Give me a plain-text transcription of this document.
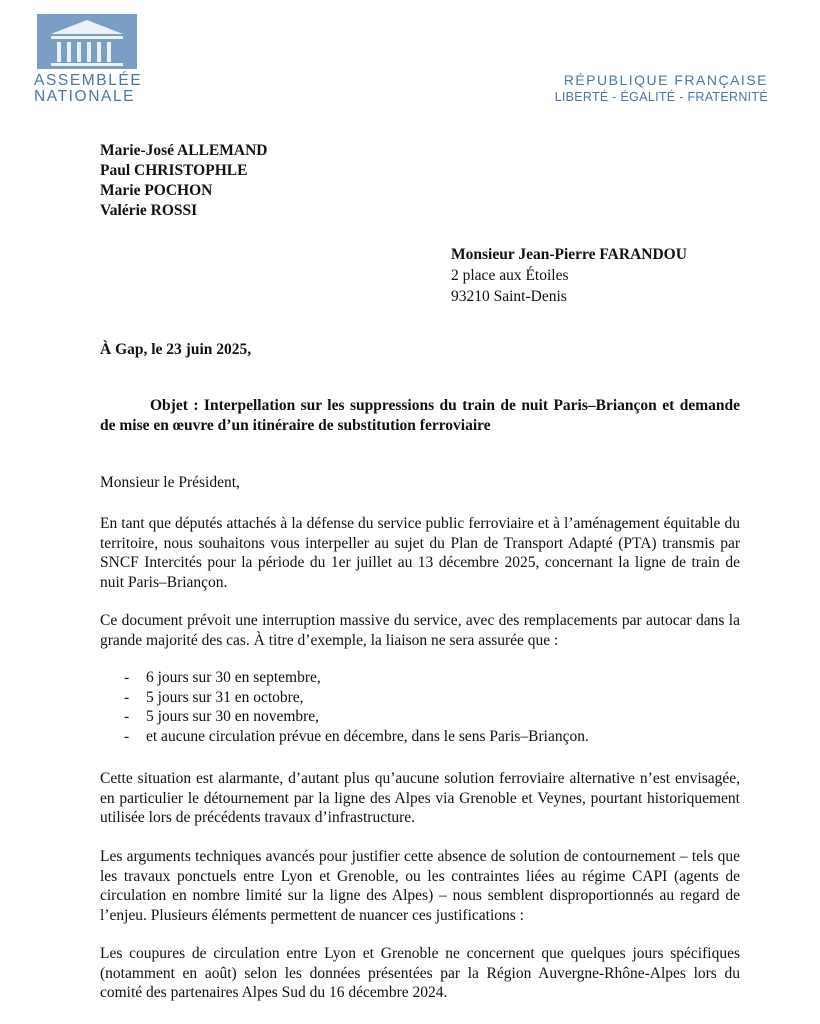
ASSEMBLÉE
NATIONALE
RÉPUBLIQUE FRANÇAISE
LIBERTÉ - ÉGALITÉ - FRATERNITÉ
Marie-José ALLEMAND
Paul CHRISTOPHLE
Marie POCHON
Valérie ROSSI
Monsieur Jean-Pierre FARANDOU
2 place aux Étoiles
93210 Saint-Denis
À Gap, le 23 juin 2025,
Objet : Interpellation sur les suppressions du train de nuit Paris–Briançon et demande de mise en œuvre d’un itinéraire de substitution ferroviaire
Monsieur le Président,

En tant que députés attachés à la défense du service public ferroviaire et à l’aménagement équitable du territoire, nous souhaitons vous interpeller au sujet du Plan de Transport Adapté (PTA) transmis par SNCF Intercités pour la période du 1er juillet au 13 décembre 2025, concernant la ligne de train de nuit Paris–Briançon.

Ce document prévoit une interruption massive du service, avec des remplacements par autocar dans la grande majorité des cas. À titre d’exemple, la liaison ne sera assurée que :

- 6 jours sur 30 en septembre,
- 5 jours sur 31 en octobre,
- 5 jours sur 30 en novembre,
- et aucune circulation prévue en décembre, dans le sens Paris–Briançon.

Cette situation est alarmante, d’autant plus qu’aucune solution ferroviaire alternative n’est envisagée, en particulier le détournement par la ligne des Alpes via Grenoble et Veynes, pourtant historiquement utilisée lors de précédents travaux d’infrastructure.

Les arguments techniques avancés pour justifier cette absence de solution de contournement – tels que les travaux ponctuels entre Lyon et Grenoble, ou les contraintes liées au régime CAPI (agents de circulation en nombre limité sur la ligne des Alpes) – nous semblent disproportionnés au regard de l’enjeu. Plusieurs éléments permettent de nuancer ces justifications :

Les coupures de circulation entre Lyon et Grenoble ne concernent que quelques jours spécifiques (notamment en août) selon les données présentées par la Région Auvergne-Rhône-Alpes lors du comité des partenaires Alpes Sud du 16 décembre 2024.
